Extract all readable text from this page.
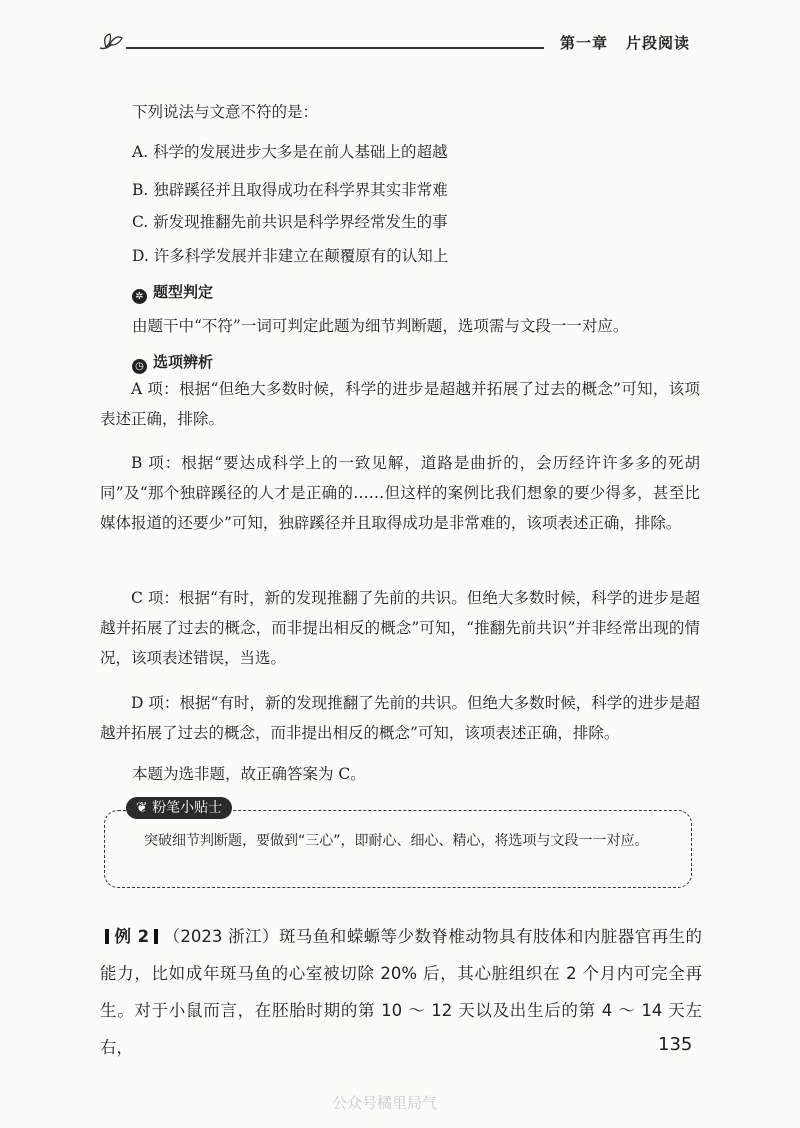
第一章 片段阅读
下列说法与文意不符的是：
A. 科学的发展进步大多是在前人基础上的超越
B. 独辟蹊径并且取得成功在科学界其实非常难
C. 新发现推翻先前共识是科学界经常发生的事
D. 许多科学发展并非建立在颠覆原有的认知上
✲ 题型判定
由题干中“不符”一词可判定此题为细节判断题，选项需与文段一一对应。
◷ 选项辨析
A 项：根据“但绝大多数时候，科学的进步是超越并拓展了过去的概念”可知，该项表述正确，排除。
B 项：根据“要达成科学上的一致见解，道路是曲折的，会历经许许多多的死胡同”及“那个独辟蹊径的人才是正确的……但这样的案例比我们想象的要少得多，甚至比媒体报道的还要少”可知，独辟蹊径并且取得成功是非常难的，该项表述正确，排除。
C 项：根据“有时，新的发现推翻了先前的共识。但绝大多数时候，科学的进步是超越并拓展了过去的概念，而非提出相反的概念”可知，“推翻先前共识”并非经常出现的情况，该项表述错误，当选。
D 项：根据“有时，新的发现推翻了先前的共识。但绝大多数时候，科学的进步是超越并拓展了过去的概念，而非提出相反的概念”可知，该项表述正确，排除。
本题为选非题，故正确答案为 C。
❦ 粉笔小贴士
突破细节判断题，要做到“三心”，即耐心、细心、精心，将选项与文段一一对应。
例 2 （2023 浙江）斑马鱼和蝾螈等少数脊椎动物具有肢体和内脏器官再生的能力，比如成年斑马鱼的心室被切除 20% 后，其心脏组织在 2 个月内可完全再生。对于小鼠而言，在胚胎时期的第 10 ～ 12 天以及出生后的第 4 ～ 14 天左右，	135
公众号橘里局气
